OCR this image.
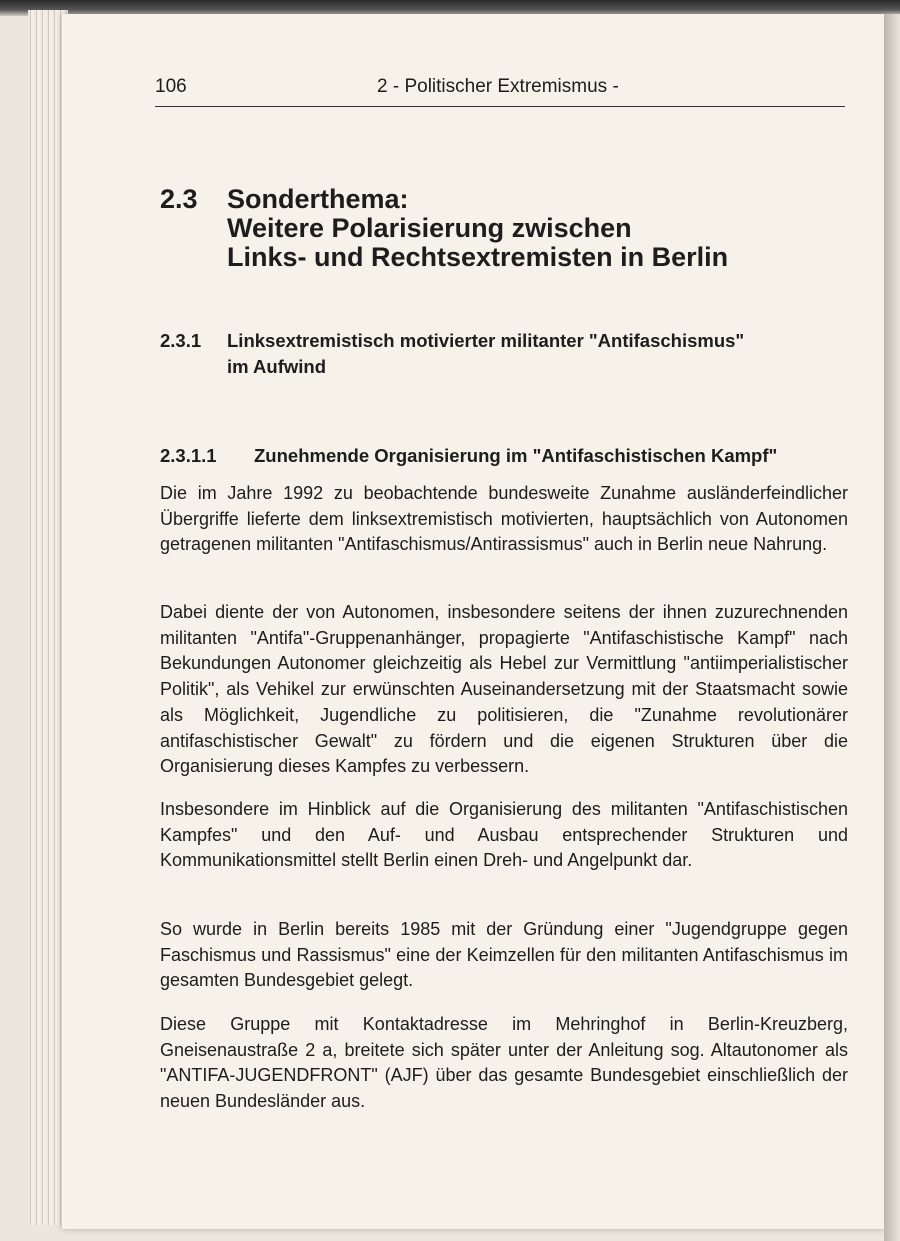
106	2 - Politischer Extremismus -
2.3 Sonderthema:
Weitere Polarisierung zwischen
Links- und Rechtsextremisten in Berlin
2.3.1 Linksextremistisch motivierter militanter "Antifaschismus"
im Aufwind
2.3.1.1 Zunehmende Organisierung im "Antifaschistischen Kampf"

Die im Jahre 1992 zu beobachtende bundesweite Zunahme ausländerfeindlicher Übergriffe lieferte dem linksextremistisch motivierten, hauptsächlich von Autonomen getragenen militanten "Antifaschismus/Antirassismus" auch in Berlin neue Nahrung.

Dabei diente der von Autonomen, insbesondere seitens der ihnen zuzurechnenden militanten "Antifa"-Gruppenanhänger, propagierte "Antifaschistische Kampf" nach Bekundungen Autonomer gleichzeitig als Hebel zur Vermittlung "antiimperialistischer Politik", als Vehikel zur erwünschten Auseinandersetzung mit der Staatsmacht sowie als Möglichkeit, Jugendliche zu politisieren, die "Zunahme revolutionärer antifaschistischer Gewalt" zu fördern und die eigenen Strukturen über die Organisierung dieses Kampfes zu verbessern.

Insbesondere im Hinblick auf die Organisierung des militanten "Antifaschistischen Kampfes" und den Auf- und Ausbau entsprechender Strukturen und Kommunikationsmittel stellt Berlin einen Dreh- und Angelpunkt dar.

So wurde in Berlin bereits 1985 mit der Gründung einer "Jugendgruppe gegen Faschismus und Rassismus" eine der Keimzellen für den militanten Antifaschismus im gesamten Bundesgebiet gelegt.

Diese Gruppe mit Kontaktadresse im Mehringhof in Berlin-Kreuzberg, Gneisenaustraße 2 a, breitete sich später unter der Anleitung sog. Altautonomer als "ANTIFA-JUGENDFRONT" (AJF) über das gesamte Bundesgebiet einschließlich der neuen Bundesländer aus.
